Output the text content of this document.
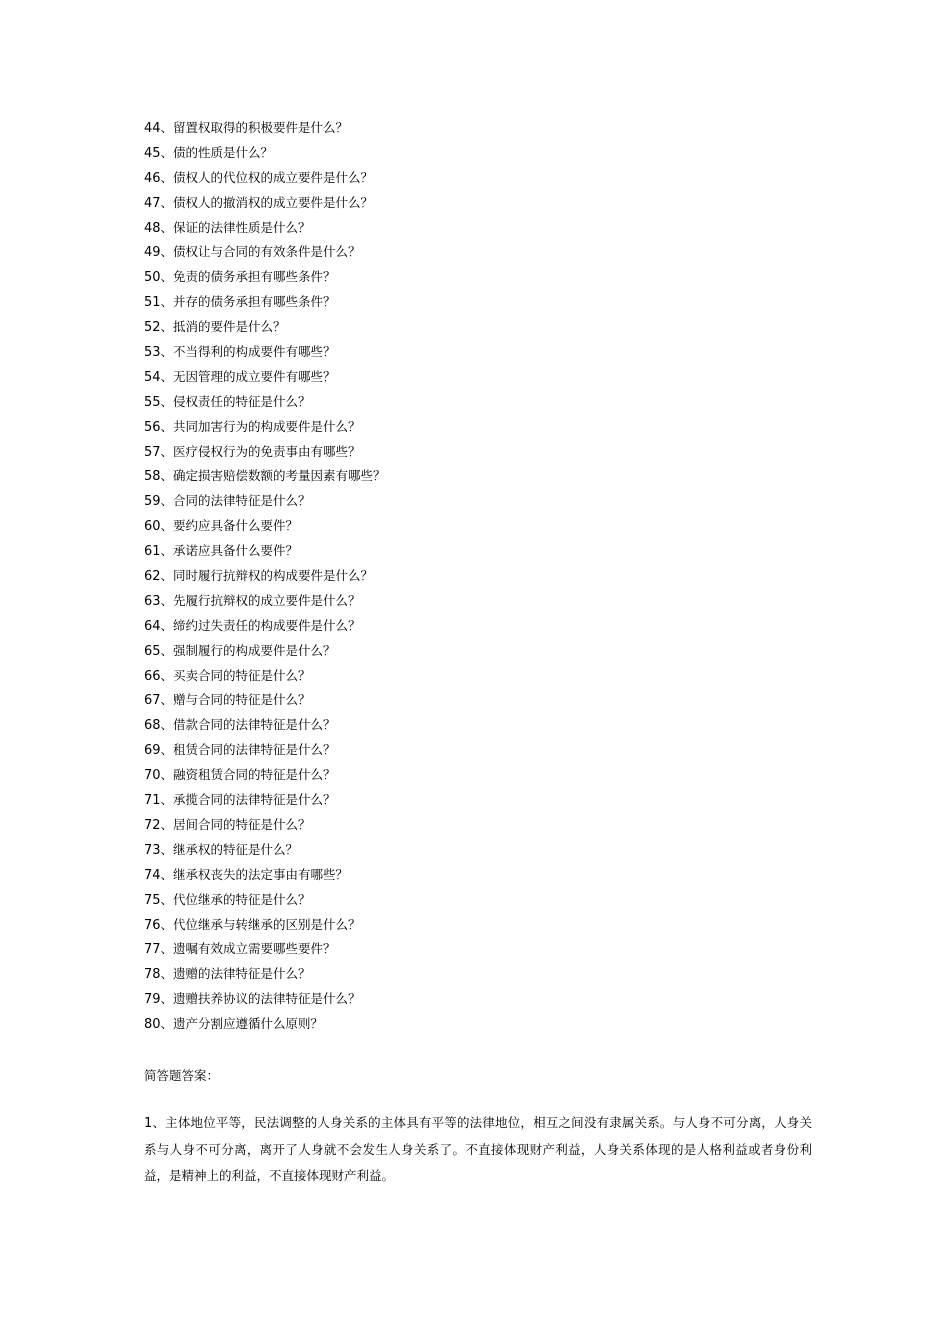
44、留置权取得的积极要件是什么？
45、债的性质是什么？
46、债权人的代位权的成立要件是什么？
47、债权人的撤消权的成立要件是什么？
48、保证的法律性质是什么？
49、债权让与合同的有效条件是什么？
50、免责的债务承担有哪些条件？
51、并存的债务承担有哪些条件？
52、抵消的要件是什么？
53、不当得利的构成要件有哪些？
54、无因管理的成立要件有哪些？
55、侵权责任的特征是什么？
56、共同加害行为的构成要件是什么？
57、医疗侵权行为的免责事由有哪些？
58、确定损害赔偿数额的考量因素有哪些？
59、合同的法律特征是什么？
60、要约应具备什么要件？
61、承诺应具备什么要件？
62、同时履行抗辩权的构成要件是什么？
63、先履行抗辩权的成立要件是什么？
64、缔约过失责任的构成要件是什么？
65、强制履行的构成要件是什么？
66、买卖合同的特征是什么？
67、赠与合同的特征是什么？
68、借款合同的法律特征是什么？
69、租赁合同的法律特征是什么？
70、融资租赁合同的特征是什么？
71、承揽合同的法律特征是什么？
72、居间合同的特征是什么？
73、继承权的特征是什么？
74、继承权丧失的法定事由有哪些？
75、代位继承的特征是什么？
76、代位继承与转继承的区别是什么？
77、遗嘱有效成立需要哪些要件？
78、遗赠的法律特征是什么？
79、遗赠扶养协议的法律特征是什么？
80、遗产分割应遵循什么原则？
简答题答案：

1、主体地位平等，民法调整的人身关系的主体具有平等的法律地位，相互之间没有隶属关系。与人身不可分离，人身关系与人身不可分离，离开了人身就不会发生人身关系了。不直接体现财产利益，人身关系体现的是人格利益或者身份利益，是精神上的利益，不直接体现财产利益。
